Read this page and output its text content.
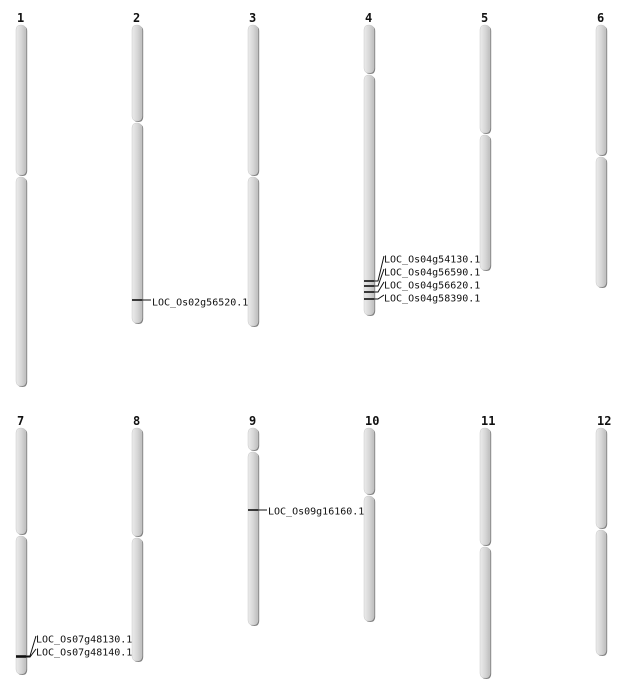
1	2	3	4	5	6
7	8	9	10	11	12
LOC_Os02g56520.1
LOC_Os04g54130.1
LOC_Os04g56590.1
LOC_Os04g56620.1
LOC_Os04g58390.1
LOC_Os07g48130.1
LOC_Os07g48140.1
LOC_Os09g16160.1
